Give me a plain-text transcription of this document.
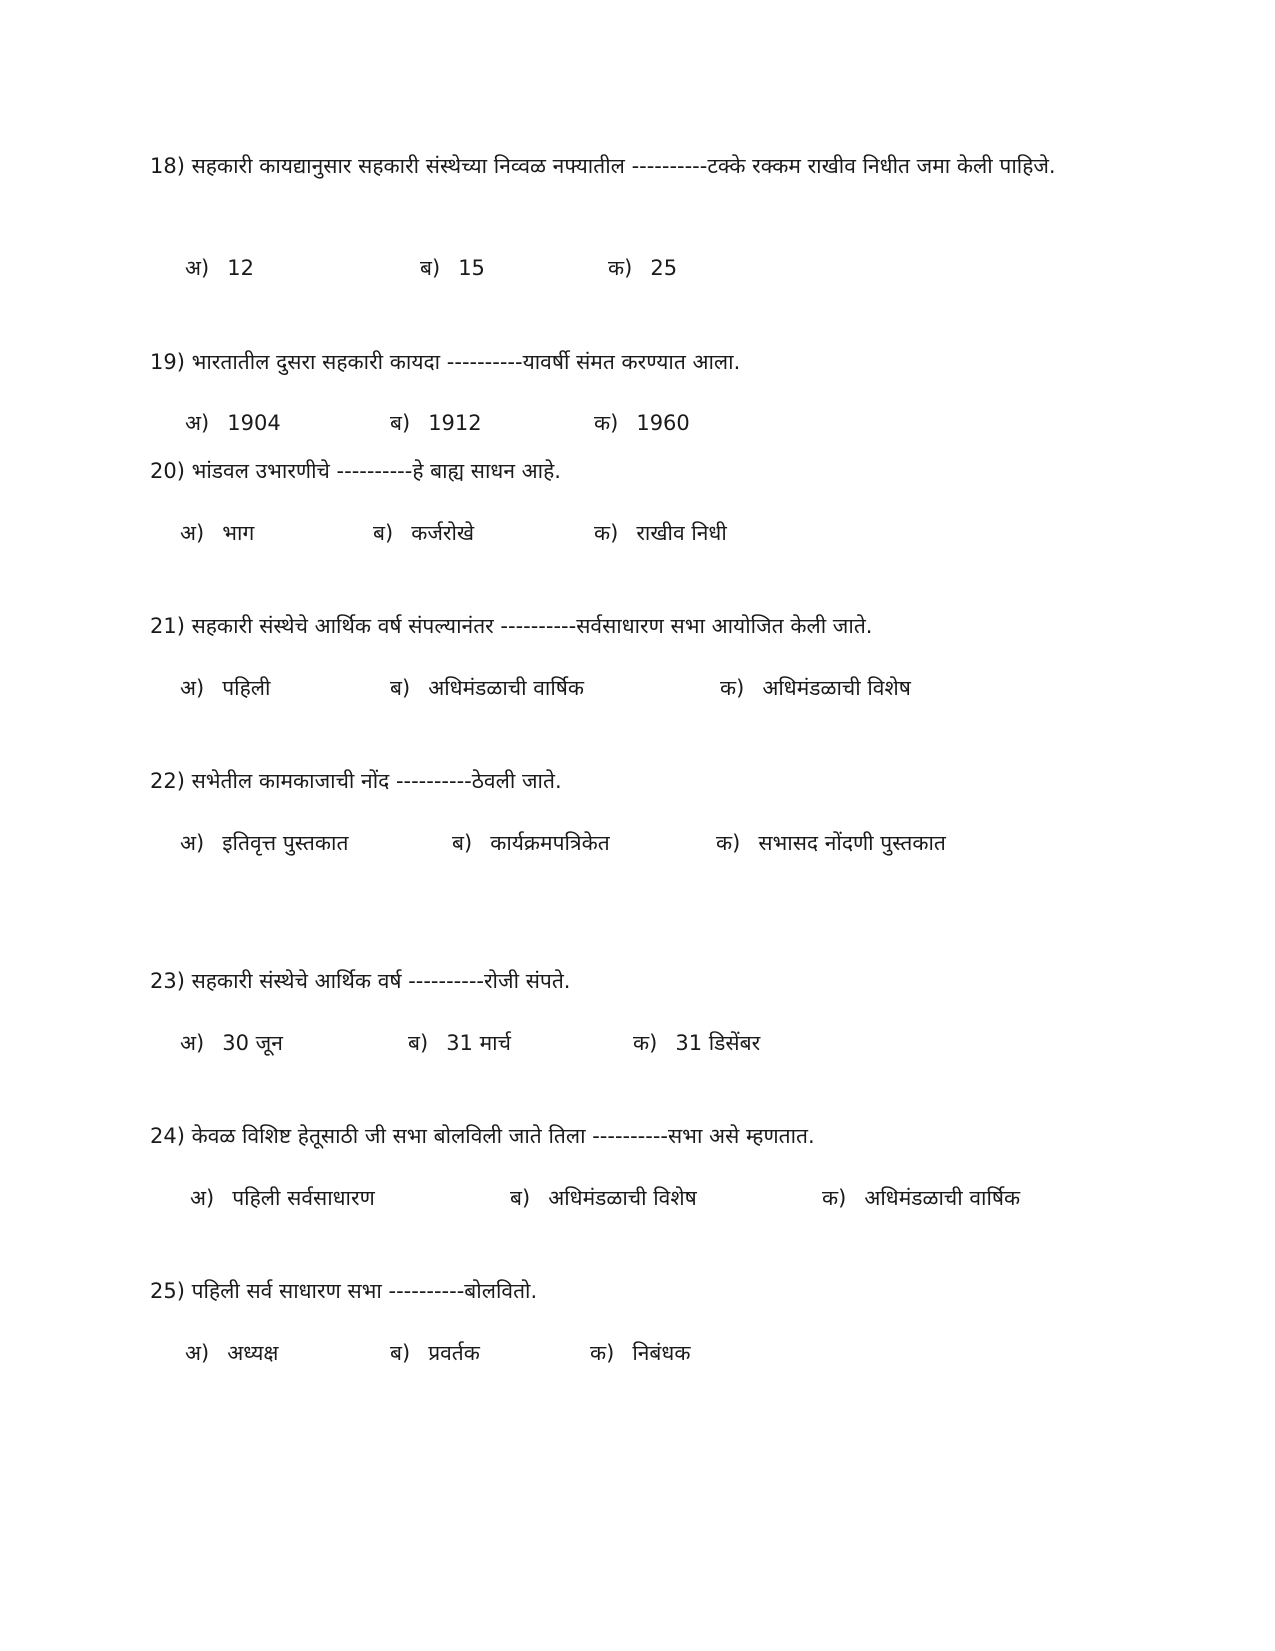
18) सहकारी कायद्यानुसार सहकारी संस्थेच्या निव्वळ नफ्यातील ----------टक्के रक्कम राखीव निधीत जमा केली पाहिजे.
अ) 12	ब) 15	क) 25
19) भारतातील दुसरा सहकारी कायदा ----------यावर्षी संमत करण्यात आला.
अ) 1904	ब) 1912	क) 1960
20) भांडवल उभारणीचे ----------हे बाह्य साधन आहे.
अ) भाग	ब) कर्जरोखे	क) राखीव निधी
21) सहकारी संस्थेचे आर्थिक वर्ष संपल्यानंतर ----------सर्वसाधारण सभा आयोजित केली जाते.
अ) पहिली	ब) अधिमंडळाची वार्षिक	क) अधिमंडळाची विशेष
22) सभेतील कामकाजाची नोंद ----------ठेवली जाते.
अ) इतिवृत्त पुस्तकात	ब) कार्यक्रमपत्रिकेत	क) सभासद नोंदणी पुस्तकात
23) सहकारी संस्थेचे आर्थिक वर्ष ----------रोजी संपते.
अ) 30 जून	ब) 31 मार्च	क) 31 डिसेंबर
24) केवळ विशिष्ट हेतूसाठी जी सभा बोलविली जाते तिला ----------सभा असे म्हणतात.
अ) पहिली सर्वसाधारण	ब) अधिमंडळाची विशेष	क) अधिमंडळाची वार्षिक
25) पहिली सर्व साधारण सभा ----------बोलवितो.
अ) अध्यक्ष	ब) प्रवर्तक	क) निबंधक
